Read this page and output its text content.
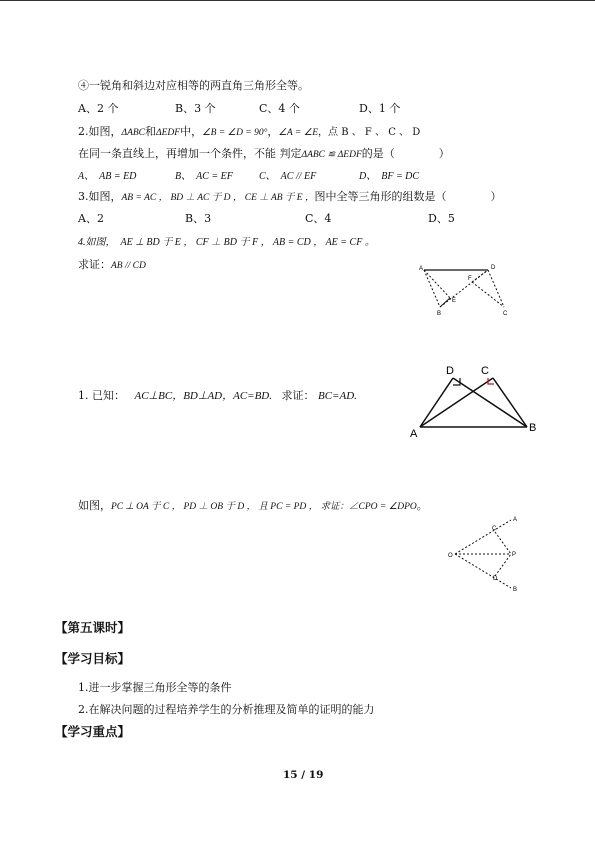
④一锐角和斜边对应相等的两直角三角形全等。
A、2 个	B、3 个	C、4 个	D、1 个
2.如图，ΔABC和ΔEDF中，∠B = ∠D = 90°，∠A = ∠E，点 B 、 F 、 C 、 D
在同一条直线上，再增加一个条件，不能 判定ΔABC ≌ ΔEDF的是（　　　　）
A、　AB = ED	B、　AC = EF	C、　AC // EF	D、　BF = DC
3.如图，AB = AC ， BD ⊥ AC 于 D ， CE ⊥ AB 于 E ，图中全等三角形的组数是（　　　　）
A、2	B、3	C、4	D、5
4.如图，　AE ⊥ BD 于 E ， CF ⊥ BD 于 F ， AB = CD ， AE = CF 。
求证：AB // CD	A	D
B
E
F
C
1. 已知： AC⊥BC，BD⊥AD，AC=BD. 求证： BC=AD.
D C
A	B
如图，PC ⊥ OA 于 C ， PD ⊥ OB 于 D ， 且 PC = PD ， 求证：∠CPO = ∠DPO。
O
A
C
P
D
B
【第五课时】
【学习目标】
1.进一步掌握三角形全等的条件
2.在解决问题的过程培养学生的分析推理及简单的证明的能力
【学习重点】
15 / 19
